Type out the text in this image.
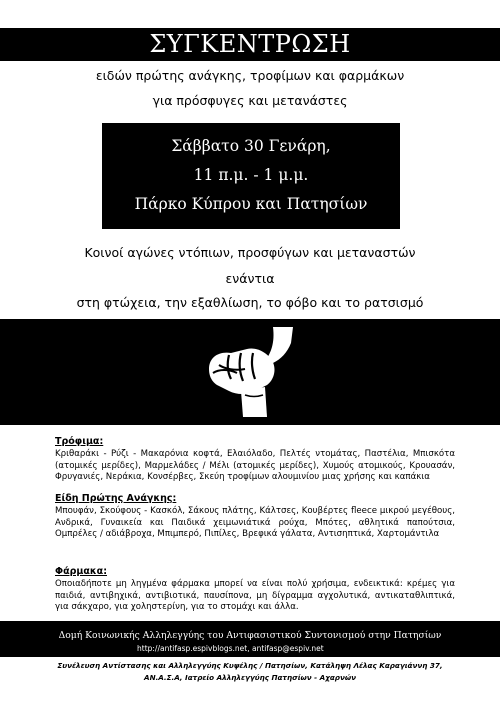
ΣΥΓΚΕΝΤΡΩΣΗ
ειδών πρώτης ανάγκης, τροφίμων και φαρμάκων
για πρόσφυγες και μετανάστες
Σάββατο 30 Γενάρη,
11 π.μ. - 1 μ.μ.
Πάρκο Κύπρου και Πατησίων
Κοινοί αγώνες ντόπιων, προσφύγων και μεταναστών
ενάντια
στη φτώχεια, την εξαθλίωση, το φόβο και το ρατσισμό
Τρόφιμα:
Κριθαράκι - Ρύζι - Μακαρόνια κοφτά, Ελαιόλαδο, Πελτές ντομάτας, Παστέλια, Μπισκότα (ατομικές μερίδες), Μαρμελάδες / Μέλι (ατομικές μερίδες), Χυμούς ατομικούς, Κρουασάν, Φρυγανιές, Νεράκια, Κονσέρβες, Σκεύη τροφίμων αλουμινίου μιας χρήσης και καπάκια
Είδη Πρώτης Ανάγκης:
Μπουφάν, Σκούφους - Κασκόλ, Σάκους πλάτης, Κάλτσες, Κουβέρτες fleece μικρού μεγέθους, Ανδρικά, Γυναικεία και Παιδικά χειμωνιάτικά ρούχα, Μπότες, αθλητικά παπούτσια, Ομπρέλες / αδιάβροχα, Μπιμπερό, Πιπίλες, Βρεφικά γάλατα, Αντισηπτικά, Χαρτομάντιλα
Φάρμακα:
Οποιαδήποτε μη ληγμένα φάρμακα μπορεί να είναι πολύ χρήσιμα, ενδεικτικά: κρέμες για παιδιά, αντιβηχικά, αντιβιοτικά, παυσίπονα, μη δίγραμμα αγχολυτικά, αντικαταθλιπτικά, για σάκχαρο, για χοληστερίνη, για το στομάχι και άλλα.
Δομή Κοινωνικής Αλληλεγγύης του Αντιφασιστικού Συντονισμού στην Πατησίων
http://antifasp.espivblogs.net, antifasp@espiv.net
Συνέλευση Αντίστασης και Αλληλεγγύης Κυψέλης / Πατησίων, Κατάληψη Λέλας Καραγιάννη 37,
ΑΝ.Α.Σ.Α, Ιατρείο Αλληλεγγύης Πατησίων - Αχαρνών
